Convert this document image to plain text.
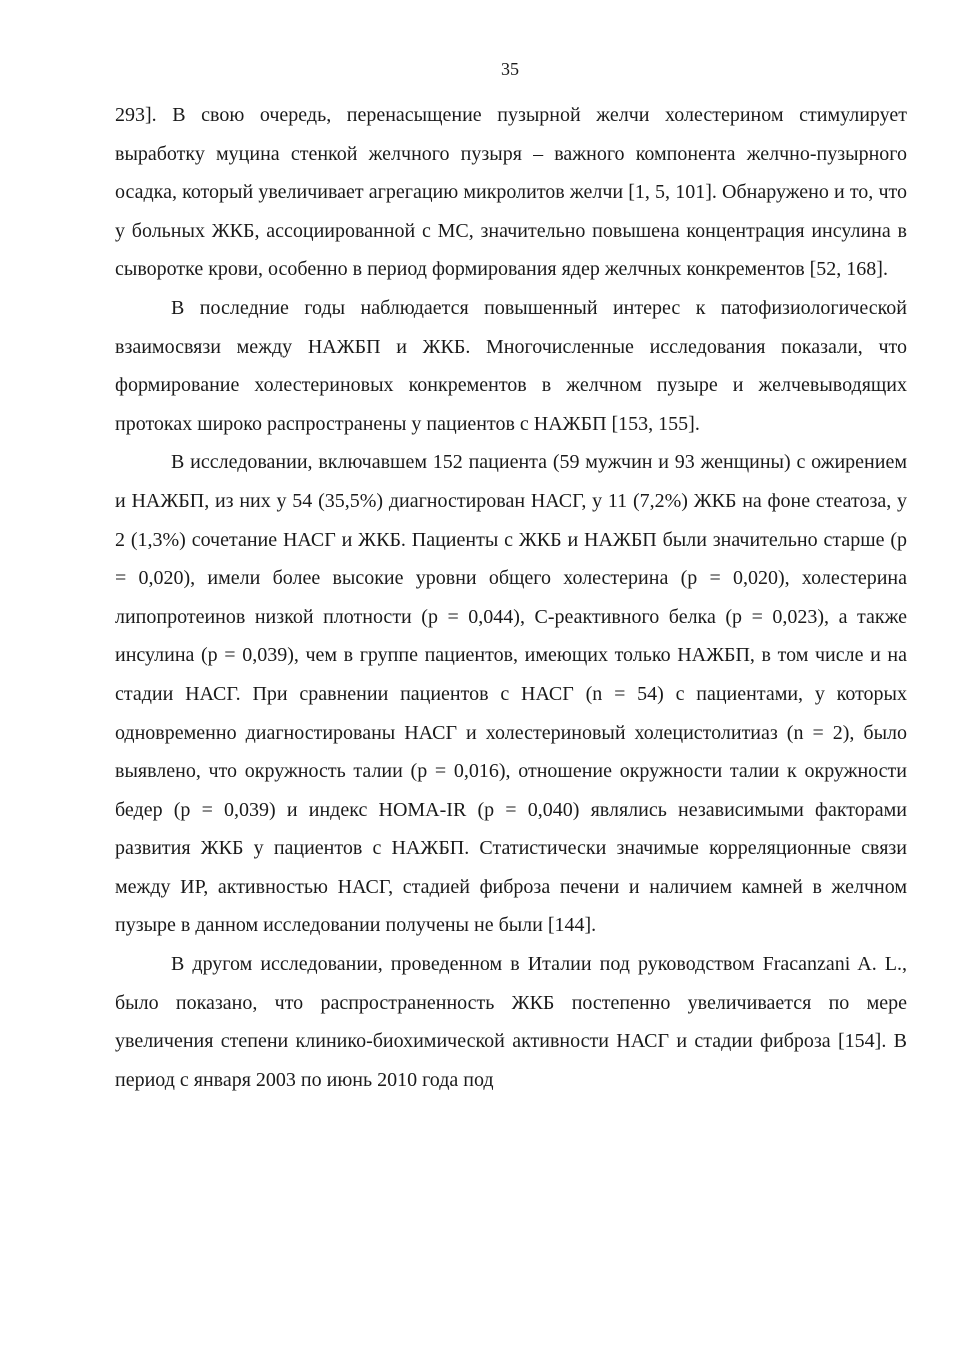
35

293]. В свою очередь, перенасыщение пузырной желчи холестерином стимулирует выработку муцина стенкой желчного пузыря – важного компонента желчно-пузырного осадка, который увеличивает агрегацию микролитов желчи [1, 5, 101]. Обнаружено и то, что у больных ЖКБ, ассоциированной с МС, значительно повышена концентрация инсулина в сыворотке крови, особенно в период формирования ядер желчных конкрементов [52, 168].

В последние годы наблюдается повышенный интерес к патофизиологической взаимосвязи между НАЖБП и ЖКБ. Многочисленные исследования показали, что формирование холестериновых конкрементов в желчном пузыре и желчевыводящих протоках широко распространены у пациентов с НАЖБП [153, 155].

В исследовании, включавшем 152 пациента (59 мужчин и 93 женщины) с ожирением и НАЖБП, из них у 54 (35,5%) диагностирован НАСГ, у 11 (7,2%) ЖКБ на фоне стеатоза, у 2 (1,3%) сочетание НАСГ и ЖКБ. Пациенты с ЖКБ и НАЖБП были значительно старше (р = 0,020), имели более высокие уровни общего холестерина (р = 0,020), холестерина липопротеинов низкой плотности (р = 0,044), С-реактивного белка (р = 0,023), а также инсулина (р = 0,039), чем в группе пациентов, имеющих только НАЖБП, в том числе и на стадии НАСГ. При сравнении пациентов с НАСГ (n = 54) с пациентами, у которых одновременно диагностированы НАСГ и холестериновый холецистолитиаз (n = 2), было выявлено, что окружность талии (р = 0,016), отношение окружности талии к окружности бедер (р = 0,039) и индекс HOMA-IR (р = 0,040) являлись независимыми факторами развития ЖКБ у пациентов с НАЖБП. Статистически значимые корреляционные связи между ИР, активностью НАСГ, стадией фиброза печени и наличием камней в желчном пузыре в данном исследовании получены не были [144].

В другом исследовании, проведенном в Италии под руководством Fracanzani A. L., было показано, что распространенность ЖКБ постепенно увеличивается по мере увеличения степени клинико-биохимической активности НАСГ и стадии фиброза [154]. В период с января 2003 по июнь 2010 года под
